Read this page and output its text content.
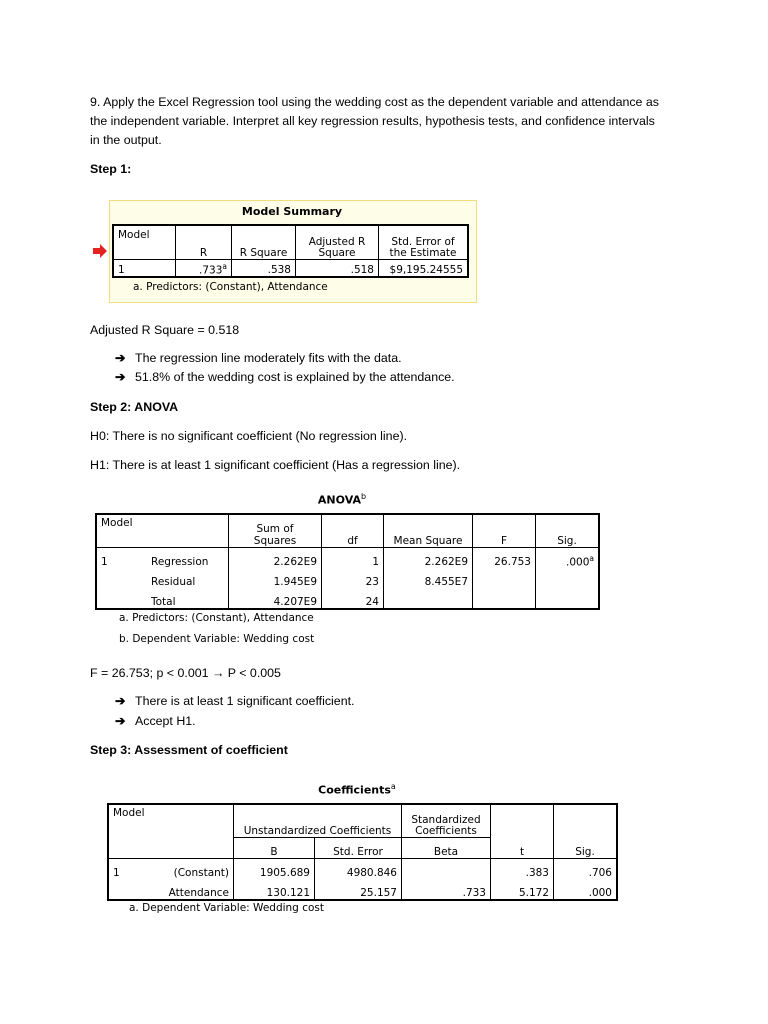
9. Apply the Excel Regression tool using the wedding cost as the dependent variable and attendance as
the independent variable. Interpret all key regression results, hypothesis tests, and confidence intervals
in the output.
Step 1:
Model Summary
Model	R	R Square	Adjusted R
Square	Std. Error of
the Estimate
1	.733$^a$	.538	.518	$9,195.24555
a. Predictors: (Constant), Attendance
Adjusted R Square = 0.518
➔ The regression line moderately fits with the data.
➔ 51.8% of the wedding cost is explained by the attendance.
Step 2: ANOVA
H0: There is no significant coefficient (No regression line).
H1: There is at least 1 significant coefficient (Has a regression line).
ANOVA$^b$
Model		Sum of
Squares	df	Mean Square	F	Sig.
1	Regression	2.262E9	1	2.262E9	26.753	.000$^a$
	Residual	1.945E9	23	8.455E7		
	Total	4.207E9	24			
a. Predictors: (Constant), Attendance
b. Dependent Variable: Wedding cost
F = 26.753; p < 0.001 → P < 0.005
➔ There is at least 1 significant coefficient.
➔ Accept H1.
Step 3: Assessment of coefficient
Coefficients$^a$
Model		Unstandardized Coefficients		Standardized
Coefficients		
		B	Std. Error	Beta	t	Sig.
1	(Constant)	1905.689	4980.846		.383	.706
	Attendance	130.121	25.157	.733	5.172	.000
a. Dependent Variable: Wedding cost
